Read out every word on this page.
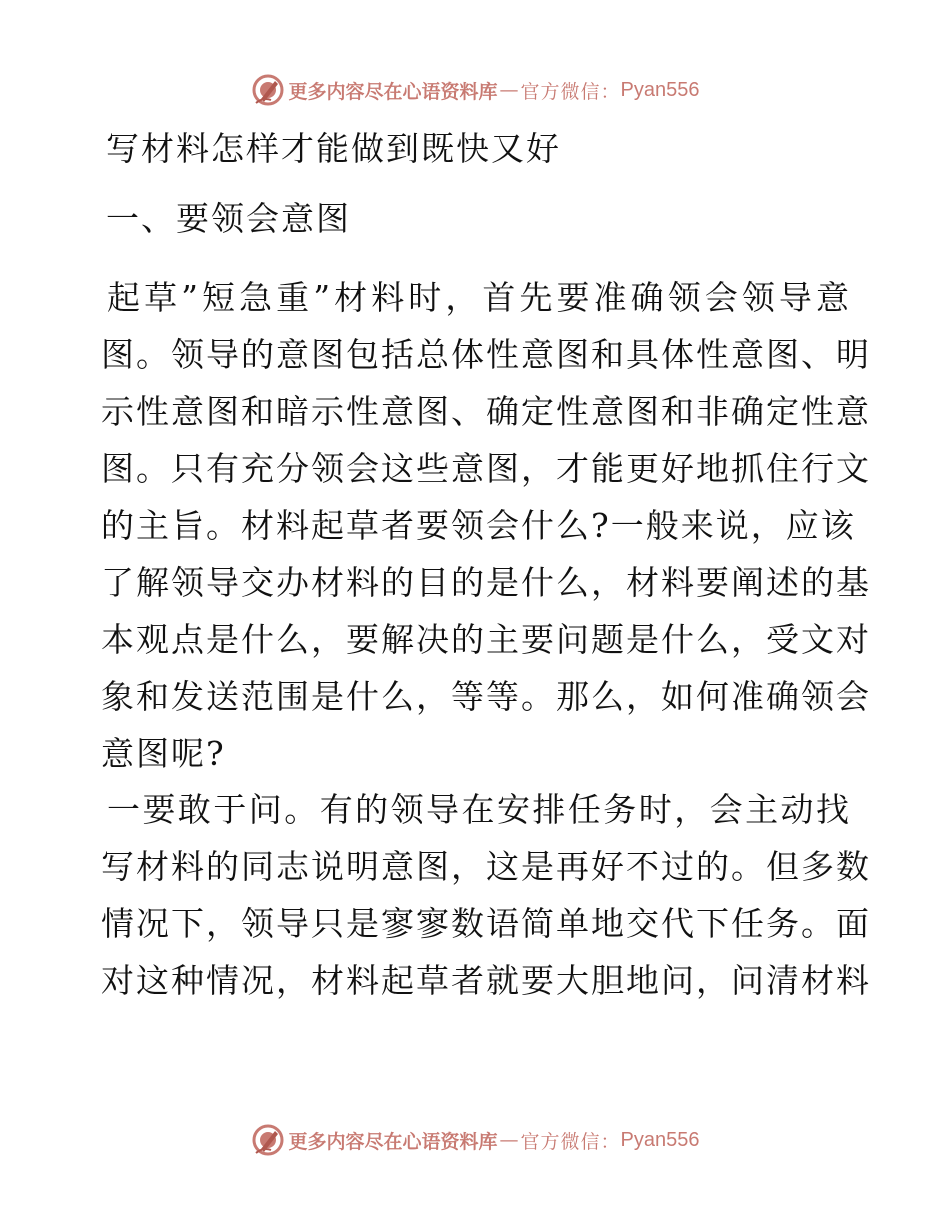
更多内容尽在心语资料库 — 官方微信： Pyan556
写材料怎样才能做到既快又好
一、要领会意图
起草”短急重”材料时，首先要准确领会领导意
图。领导的意图包括总体性意图和具体性意图、明
示性意图和暗示性意图、确定性意图和非确定性意
图。只有充分领会这些意图，才能更好地抓住行文
的主旨。材料起草者要领会什么?一般来说，应该
了解领导交办材料的目的是什么，材料要阐述的基
本观点是什么，要解决的主要问题是什么，受文对
象和发送范围是什么，等等。那么，如何准确领会
意图呢?
一要敢于问。有的领导在安排任务时，会主动找
写材料的同志说明意图，这是再好不过的。但多数
情况下，领导只是寥寥数语简单地交代下任务。面
对这种情况，材料起草者就要大胆地问，问清材料
更多内容尽在心语资料库 — 官方微信： Pyan556
